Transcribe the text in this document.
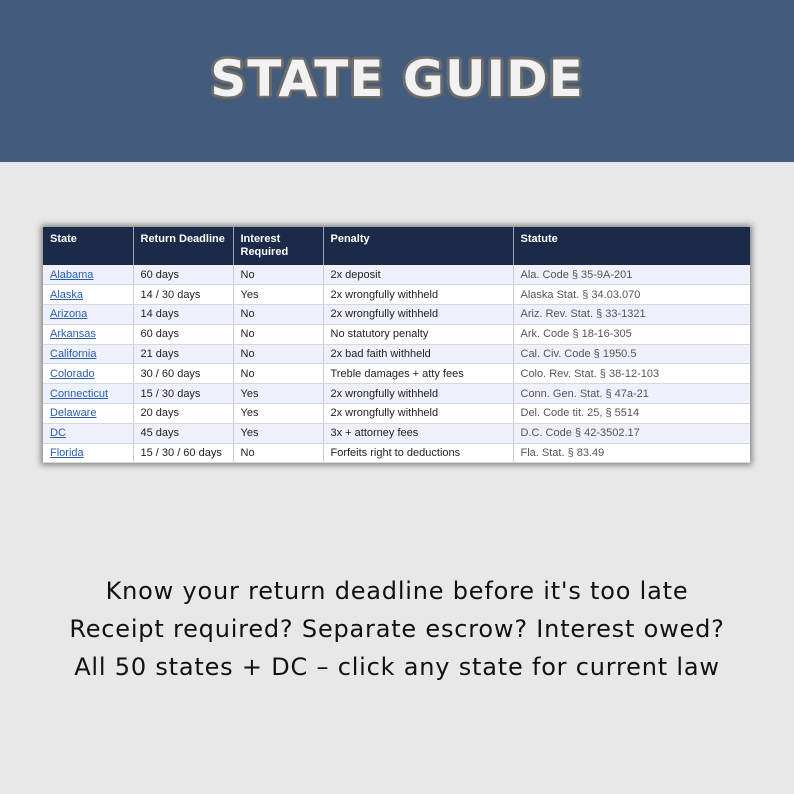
STATE GUIDE
State	Return Deadline	Interest Required	Penalty	Statute
Alabama	60 days	No	2x deposit	Ala. Code § 35-9A-201
Alaska	14 / 30 days	Yes	2x wrongfully withheld	Alaska Stat. § 34.03.070
Arizona	14 days	No	2x wrongfully withheld	Ariz. Rev. Stat. § 33-1321
Arkansas	60 days	No	No statutory penalty	Ark. Code § 18-16-305
California	21 days	No	2x bad faith withheld	Cal. Civ. Code § 1950.5
Colorado	30 / 60 days	No	Treble damages + atty fees	Colo. Rev. Stat. § 38-12-103
Connecticut	15 / 30 days	Yes	2x wrongfully withheld	Conn. Gen. Stat. § 47a-21
Delaware	20 days	Yes	2x wrongfully withheld	Del. Code tit. 25, § 5514
DC	45 days	Yes	3x + attorney fees	D.C. Code § 42-3502.17
Florida	15 / 30 / 60 days	No	Forfeits right to deductions	Fla. Stat. § 83.49

Know your return deadline before it's too late

Receipt required? Separate escrow? Interest owed?

All 50 states + DC – click any state for current law
